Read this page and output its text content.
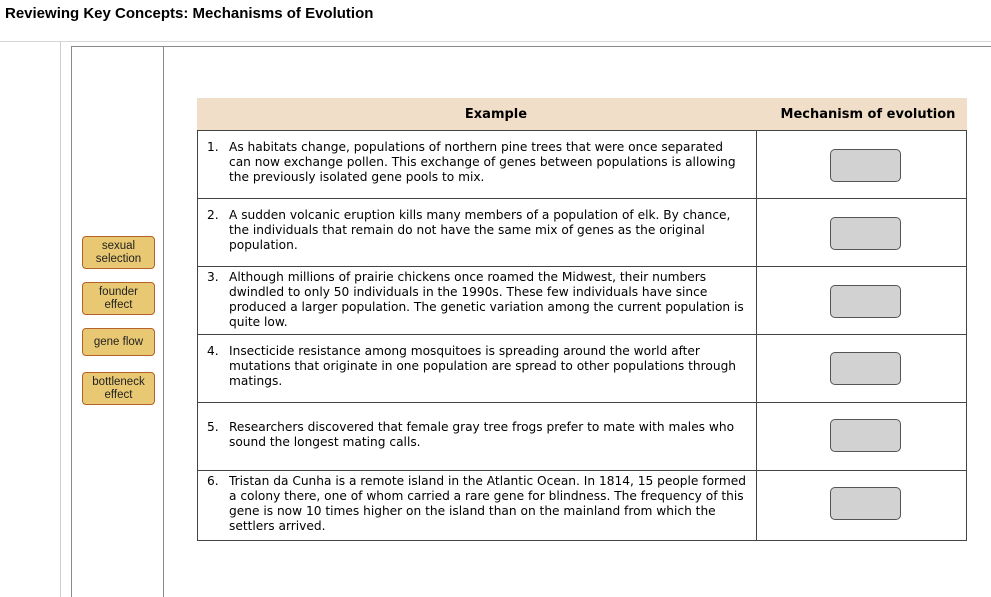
Reviewing Key Concepts: Mechanisms of Evolution
sexual
selection
founder
effect
gene flow
bottleneck
effect
Example	Mechanism of evolution
1. As habitats change, populations of northern pine trees that were once separated can now exchange pollen. This exchange of genes between populations is allowing the previously isolated gene pools to mix.
2. A sudden volcanic eruption kills many members of a population of elk. By chance, the individuals that remain do not have the same mix of genes as the original population.
3. Although millions of prairie chickens once roamed the Midwest, their numbers dwindled to only 50 individuals in the 1990s. These few individuals have since produced a larger population. The genetic variation among the current population is quite low.
4. Insecticide resistance among mosquitoes is spreading around the world after mutations that originate in one population are spread to other populations through matings.
5. Researchers discovered that female gray tree frogs prefer to mate with males who sound the longest mating calls.
6. Tristan da Cunha is a remote island in the Atlantic Ocean. In 1814, 15 people formed a colony there, one of whom carried a rare gene for blindness. The frequency of this gene is now 10 times higher on the island than on the mainland from which the settlers arrived.
